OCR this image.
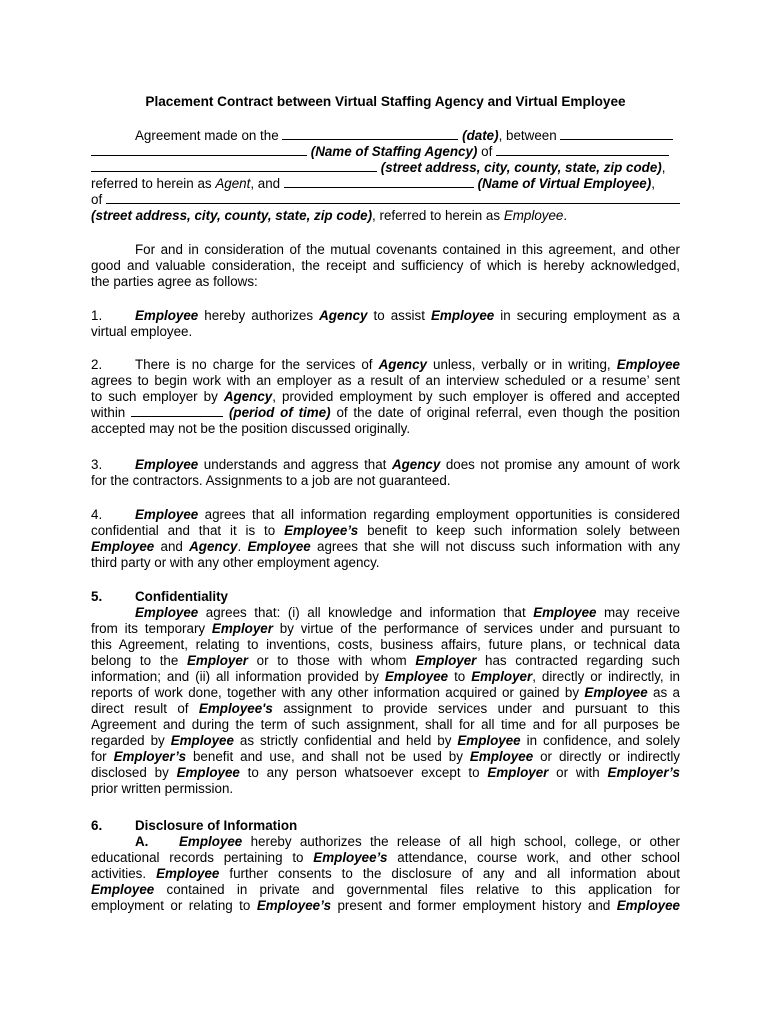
Placement Contract between Virtual Staffing Agency and Virtual Employee
Agreement made on the	(date), between
(Name of Staffing Agency) of
(street address, city, county, state, zip code),
referred to herein as Agent, and	(Name of Virtual Employee),
of
(street address, city, county, state, zip code), referred to herein as Employee.
For and in consideration of the mutual covenants contained in this agreement, and other
good and valuable consideration, the receipt and sufficiency of which is hereby acknowledged,
the parties agree as follows:
1. Employee hereby authorizes Agency to assist Employee in securing employment as a
virtual employee.
2. There is no charge for the services of Agency unless, verbally or in writing, Employee
agrees to begin work with an employer as a result of an interview scheduled or a resume’ sent
to such employer by Agency, provided employment by such employer is offered and accepted
within	(period of time) of the date of original referral, even though the position
accepted may not be the position discussed originally.
3. Employee understands and aggress that Agency does not promise any amount of work
for the contractors. Assignments to a job are not guaranteed.
4. Employee agrees that all information regarding employment opportunities is considered
confidential and that it is to Employee’s benefit to keep such information solely between
Employee and Agency. Employee agrees that she will not discuss such information with any
third party or with any other employment agency.
5. Confidentiality
Employee agrees that: (i) all knowledge and information that Employee may receive
from its temporary Employer by virtue of the performance of services under and pursuant to
this Agreement, relating to inventions, costs, business affairs, future plans, or technical data
belong to the Employer or to those with whom Employer has contracted regarding such
information; and (ii) all information provided by Employee to Employer, directly or indirectly, in
reports of work done, together with any other information acquired or gained by Employee as a
direct result of Employee's assignment to provide services under and pursuant to this
Agreement and during the term of such assignment, shall for all time and for all purposes be
regarded by Employee as strictly confidential and held by Employee in confidence, and solely
for Employer’s benefit and use, and shall not be used by Employee or directly or indirectly
disclosed by Employee to any person whatsoever except to Employer or with Employer’s
prior written permission.
6. Disclosure of Information
A. Employee hereby authorizes the release of all high school, college, or other
educational records pertaining to Employee’s attendance, course work, and other school
activities. Employee further consents to the disclosure of any and all information about
Employee contained in private and governmental files relative to this application for
employment or relating to Employee’s present and former employment history and Employee
